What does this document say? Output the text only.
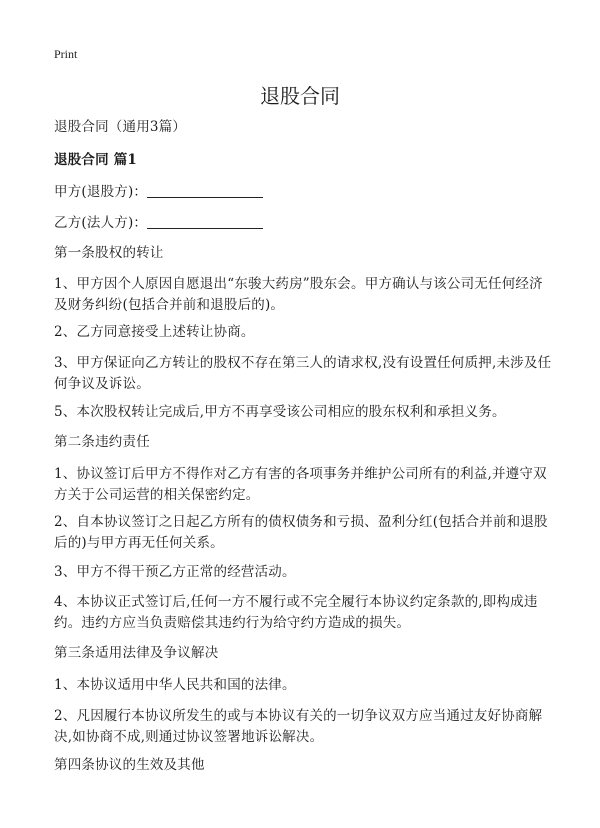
Print
退股合同

退股合同（通用3篇）

退股合同 篇1

甲方(退股方)：

乙方(法人方)：

第一条股权的转让

1、甲方因个人原因自愿退出“东骏大药房”股东会。甲方确认与该公司无任何经济及财务纠纷(包括合并前和退股后的)。

2、乙方同意接受上述转让协商。

3、甲方保证向乙方转让的股权不存在第三人的请求权,没有设置任何质押,未涉及任何争议及诉讼。

5、本次股权转让完成后,甲方不再享受该公司相应的股东权利和承担义务。

第二条违约责任

1、协议签订后甲方不得作对乙方有害的各项事务并维护公司所有的利益,并遵守双方关于公司运营的相关保密约定。

2、自本协议签订之日起乙方所有的债权债务和亏损、盈利分红(包括合并前和退股后的)与甲方再无任何关系。

3、甲方不得干预乙方正常的经营活动。

4、本协议正式签订后,任何一方不履行或不完全履行本协议约定条款的,即构成违约。违约方应当负责赔偿其违约行为给守约方造成的损失。

第三条适用法律及争议解决

1、本协议适用中华人民共和国的法律。

2、凡因履行本协议所发生的或与本协议有关的一切争议双方应当通过友好协商解决,如协商不成,则通过协议签署地诉讼解决。

第四条协议的生效及其他
